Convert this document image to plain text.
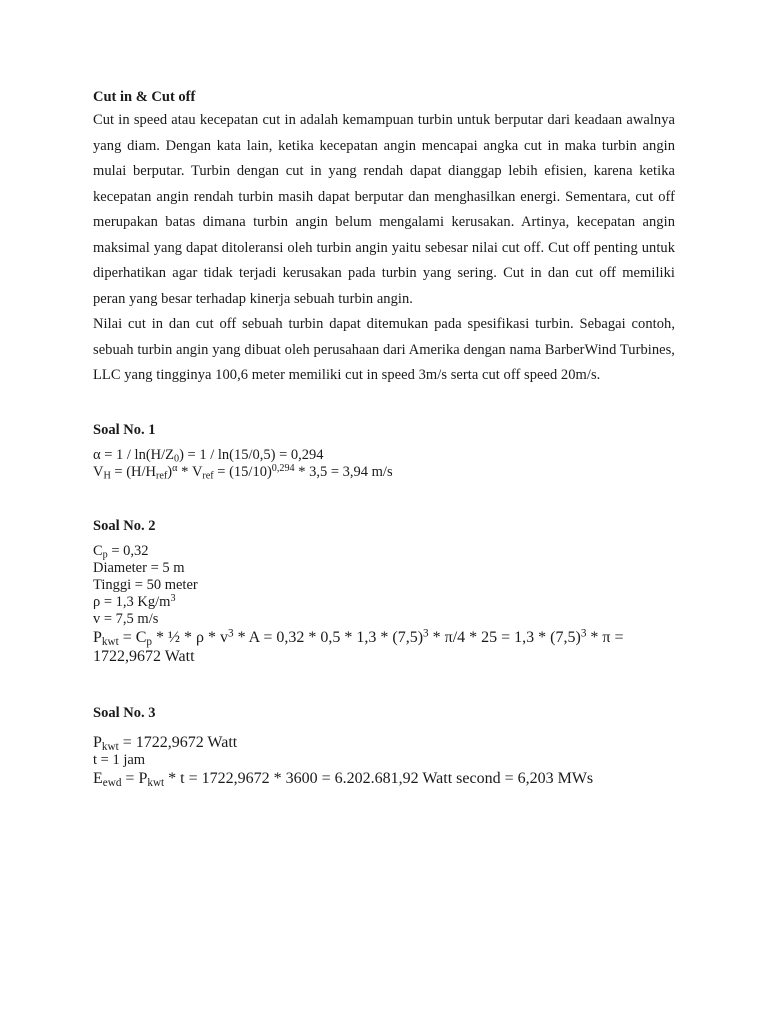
Cut in & Cut off

Cut in speed atau kecepatan cut in adalah kemampuan turbin untuk berputar dari keadaan awalnya yang diam. Dengan kata lain, ketika kecepatan angin mencapai angka cut in maka turbin angin mulai berputar. Turbin dengan cut in yang rendah dapat dianggap lebih efisien, karena ketika kecepatan angin rendah turbin masih dapat berputar dan menghasilkan energi. Sementara, cut off merupakan batas dimana turbin angin belum mengalami kerusakan. Artinya, kecepatan angin maksimal yang dapat ditoleransi oleh turbin angin yaitu sebesar nilai cut off. Cut off penting untuk diperhatikan agar tidak terjadi kerusakan pada turbin yang sering. Cut in dan cut off memiliki peran yang besar terhadap kinerja sebuah turbin angin.

Nilai cut in dan cut off sebuah turbin dapat ditemukan pada spesifikasi turbin. Sebagai contoh, sebuah turbin angin yang dibuat oleh perusahaan dari Amerika dengan nama BarberWind Turbines, LLC yang tingginya 100,6 meter memiliki cut in speed 3m/s serta cut off speed 20m/s.

Soal No. 1

$\alpha = 1 / \ln(H/Z_0) = 1 / \ln(15/0,5) = 0,294$

$V_H = (H/H_{ref})^\alpha * V_{ref} = (15/10)^{0,294} * 3,5 = 3,94$ m/s

Soal No. 2

$C_p = 0,32$

Diameter = 5 m

Tinggi = 50 meter

ρ = 1,3 $Kg/m^3$

v = 7,5 m/s

$P_{kwt} = C_p$ * ½ * $\rho * v^3 * A = 0,32 * 0,5 * 1,3 * (7,5)^3 * \pi/4 * 25 = 1,3 * (7,5)^3 * \pi$ =

1722,9672 Watt

Soal No. 3

$P_{kwt} = 1722,9672$ Watt

t = 1 jam

$E_{ewd} = P_{kwt} * t = 1722,9672 * 3600 = 6.202.681,92$ Watt second = 6,203 MWs
